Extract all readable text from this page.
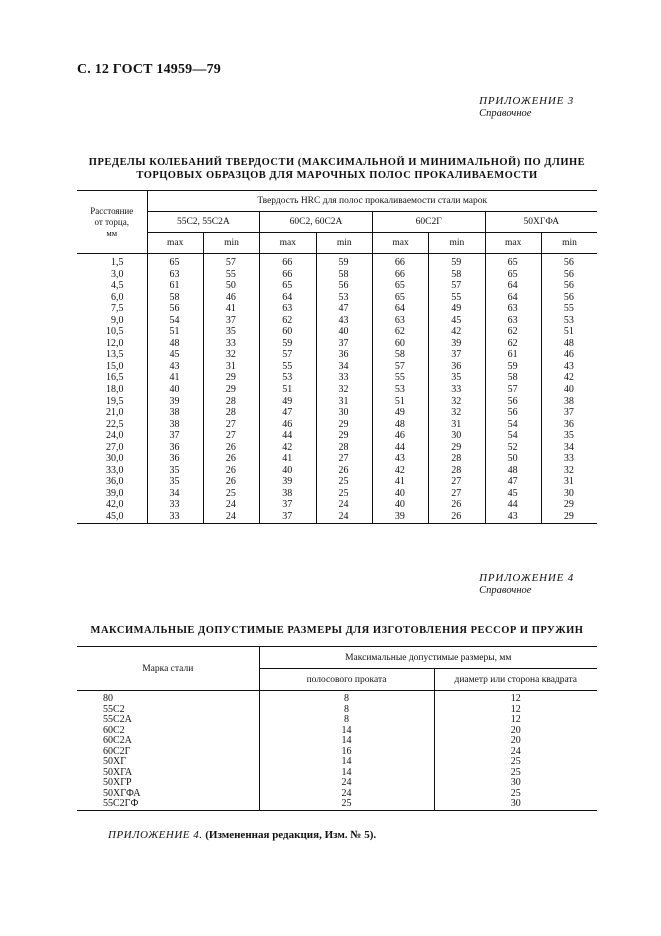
С. 12 ГОСТ 14959—79
ПРИЛОЖЕНИЕ 3
Справочное
ПРЕДЕЛЫ КОЛЕБАНИЙ ТВЕРДОСТИ (МАКСИМАЛЬНОЙ И МИНИМАЛЬНОЙ) ПО ДЛИНЕ
ТОРЦОВЫХ ОБРАЗЦОВ ДЛЯ МАРОЧНЫХ ПОЛОС ПРОКАЛИВАЕМОСТИ
Расстояние
от торца,
мм	Твердость HRC для полос прокаливаемости стали марок							
	55С2, 55С2А		60С2, 60С2А		60С2Г		50ХГФА	
	max	min	max	min	max	min	max	min
1,5	65	57	66	59	66	59	65	56
3,0	63	55	66	58	66	58	65	56
4,5	61	50	65	56	65	57	64	56
6,0	58	46	64	53	65	55	64	56
7,5	56	41	63	47	64	49	63	55
9,0	54	37	62	43	63	45	63	53
10,5	51	35	60	40	62	42	62	51
12,0	48	33	59	37	60	39	62	48
13,5	45	32	57	36	58	37	61	46
15,0	43	31	55	34	57	36	59	43
16,5	41	29	53	33	55	35	58	42
18,0	40	29	51	32	53	33	57	40
19,5	39	28	49	31	51	32	56	38
21,0	38	28	47	30	49	32	56	37
22,5	38	27	46	29	48	31	54	36
24,0	37	27	44	29	46	30	54	35
27,0	36	26	42	28	44	29	52	34
30,0	36	26	41	27	43	28	50	33
33,0	35	26	40	26	42	28	48	32
36,0	35	26	39	25	41	27	47	31
39,0	34	25	38	25	40	27	45	30
42,0	33	24	37	24	40	26	44	29
45,0	33	24	37	24	39	26	43	29
ПРИЛОЖЕНИЕ 4
Справочное
МАКСИМАЛЬНЫЕ ДОПУСТИМЫЕ РАЗМЕРЫ ДЛЯ ИЗГОТОВЛЕНИЯ РЕССОР И ПРУЖИН
Марка стали	Максимальные допустимые размеры, мм	
	полосового проката	диаметр или сторона квадрата
80	8	12
55С2	8	12
55С2А	8	12
60С2	14	20
60С2А	14	20
60С2Г	16	24
50ХГ	14	25
50ХГА	14	25
50ХГР	24	30
50ХГФА	24	25
55С2ГФ	25	30
ПРИЛОЖЕНИЕ 4. (Измененная редакция, Изм. № 5).
